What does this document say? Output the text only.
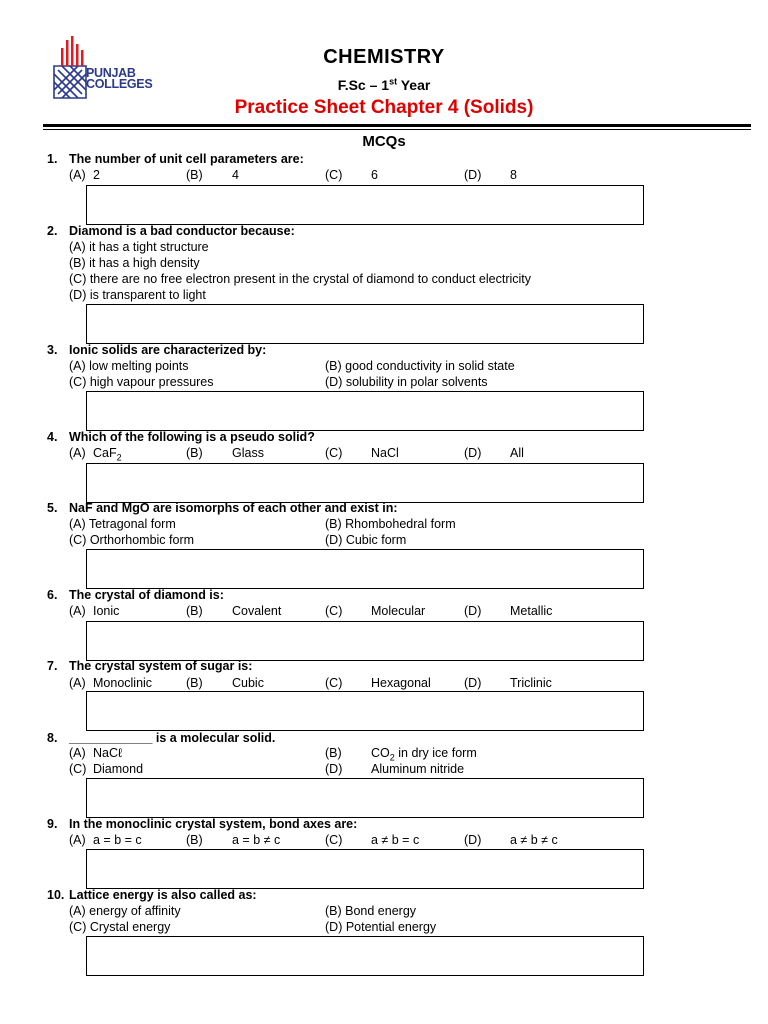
PUNJAB
COLLEGES
CHEMISTRY
F.Sc – 1st Year
Practice Sheet Chapter 4 (Solids)
MCQs
1. The number of unit cell parameters are:
(A) 2	(B) 4	(C) 6	(D) 8
2. Diamond is a bad conductor because:
(A) it has a tight structure
(B) it has a high density
(C) there are no free electron present in the crystal of diamond to conduct electricity
(D) is transparent to light
3. Ionic solids are characterized by:
(A) low melting points	(B) good conductivity in solid state
(C) high vapour pressures	(D) solubility in polar solvents
4. Which of the following is a pseudo solid?
(A) CaF$_2$	(B) Glass	(C) NaCl	(D) All
5. NaF and MgO are isomorphs of each other and exist in:
(A) Tetragonal form	(B) Rhombohedral form
(C) Orthorhombic form	(D) Cubic form
6. The crystal of diamond is:
(A) Ionic	(B) Covalent	(C) Molecular	(D) Metallic
7. The crystal system of sugar is:
(A) Monoclinic	(B) Cubic	(C) Hexagonal	(D) Triclinic
8. ____________ is a molecular solid.
(A) NaCℓ	(B) $CO_2$ in dry ice form
(C) Diamond	(D) Aluminum nitride
9. In the monoclinic crystal system, bond axes are:
(A) a = b = c	(B) a = b ≠ c	(C) a ≠ b = c	(D) a ≠ b ≠ c
10. Lattice energy is also called as:
(A) energy of affinity	(B) Bond energy
(C) Crystal energy	(D) Potential energy
